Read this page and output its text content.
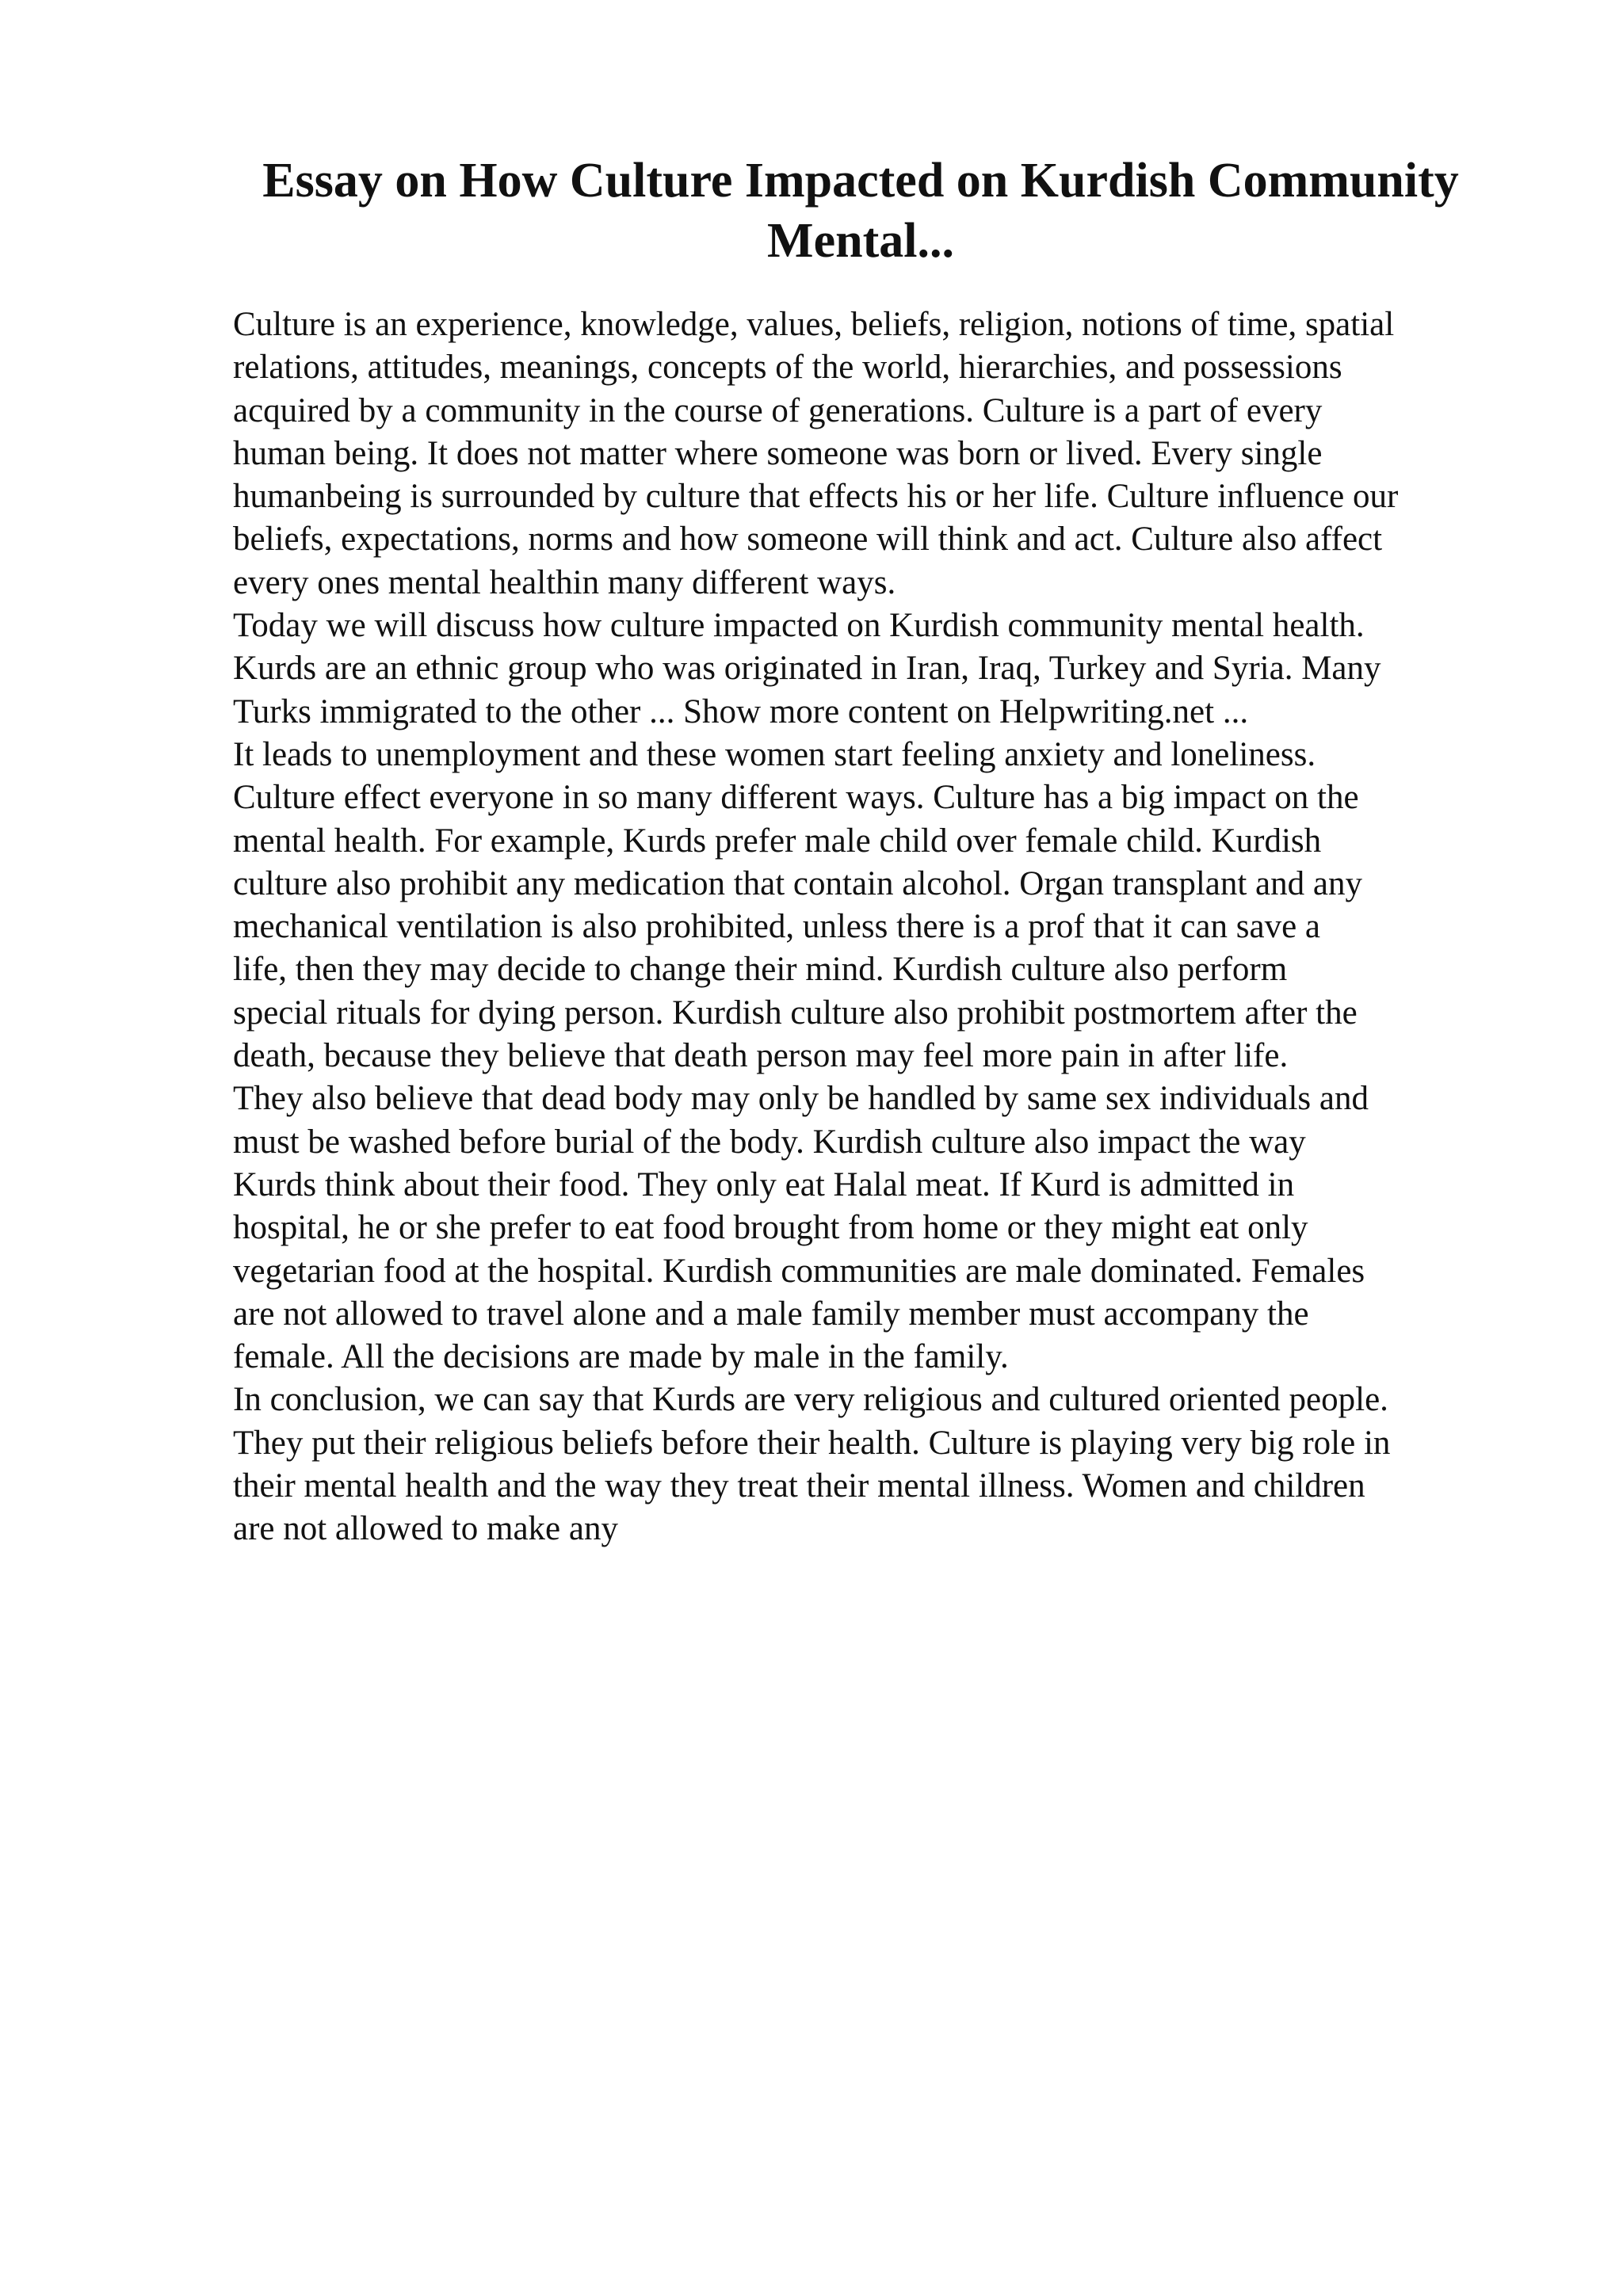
Essay on How Culture Impacted on Kurdish Community
Mental...
Culture is an experience, knowledge, values, beliefs, religion, notions of time, spatial
relations, attitudes, meanings, concepts of the world, hierarchies, and possessions
acquired by a community in the course of generations. Culture is a part of every
human being. It does not matter where someone was born or lived. Every single
humanbeing is surrounded by culture that effects his or her life. Culture influence our
beliefs, expectations, norms and how someone will think and act. Culture also affect
every ones mental healthin many different ways.
Today we will discuss how culture impacted on Kurdish community mental health.
Kurds are an ethnic group who was originated in Iran, Iraq, Turkey and Syria. Many
Turks immigrated to the other ... Show more content on Helpwriting.net ...
It leads to unemployment and these women start feeling anxiety and loneliness.
Culture effect everyone in so many different ways. Culture has a big impact on the
mental health. For example, Kurds prefer male child over female child. Kurdish
culture also prohibit any medication that contain alcohol. Organ transplant and any
mechanical ventilation is also prohibited, unless there is a prof that it can save a
life, then they may decide to change their mind. Kurdish culture also perform
special rituals for dying person. Kurdish culture also prohibit postmortem after the
death, because they believe that death person may feel more pain in after life.
They also believe that dead body may only be handled by same sex individuals and
must be washed before burial of the body. Kurdish culture also impact the way
Kurds think about their food. They only eat Halal meat. If Kurd is admitted in
hospital, he or she prefer to eat food brought from home or they might eat only
vegetarian food at the hospital. Kurdish communities are male dominated. Females
are not allowed to travel alone and a male family member must accompany the
female. All the decisions are made by male in the family.
In conclusion, we can say that Kurds are very religious and cultured oriented people.
They put their religious beliefs before their health. Culture is playing very big role in
their mental health and the way they treat their mental illness. Women and children
are not allowed to make any
